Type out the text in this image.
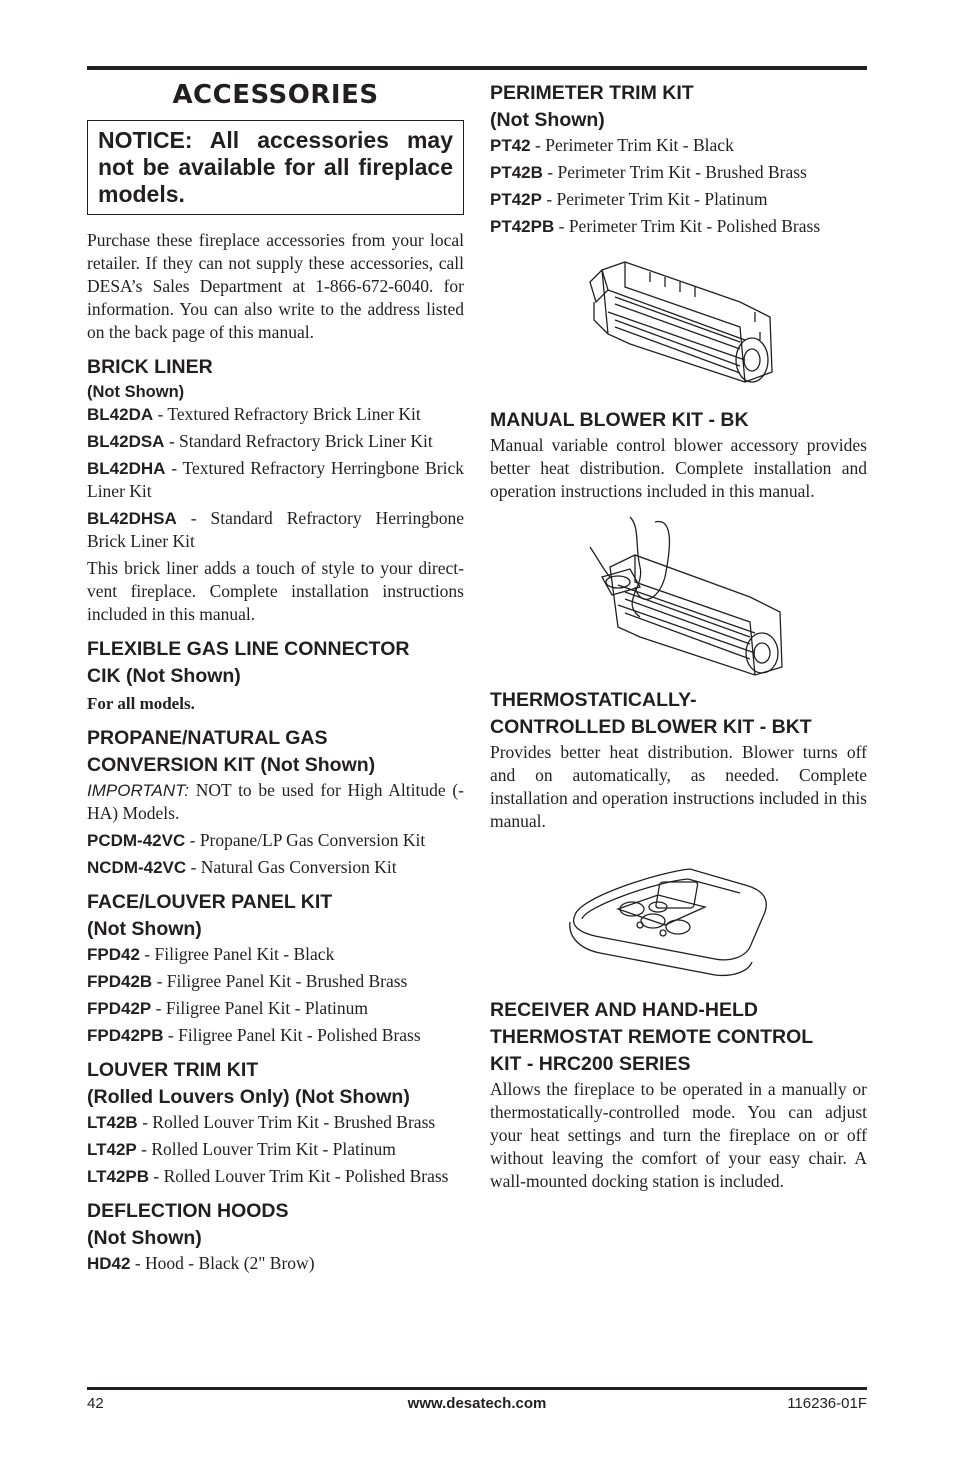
ACCESSORIES
NOTICE: All accessories may not be available for all fireplace models.

Purchase these fireplace accessories from your local retailer. If they can not supply these accessories, call DESA’s Sales Department at 1-866-672-6040. for information. You can also write to the address listed on the back page of this manual.

BRICK LINER
(Not Shown)

BL42DA - Textured Refractory Brick Liner Kit

BL42DSA - Standard Refractory Brick Liner Kit

BL42DHA - Textured Refractory Herringbone Brick Liner Kit

BL42DHSA - Standard Refractory Herringbone Brick Liner Kit

This brick liner adds a touch of style to your direct-vent fireplace. Complete installation instructions included in this manual.

FLEXIBLE GAS LINE CONNECTOR
CIK (Not Shown)

For all models.

PROPANE/NATURAL GAS
CONVERSION KIT (Not Shown)

IMPORTANT: NOT to be used for High Altitude (-HA) Models.

PCDM-42VC - Propane/LP Gas Conversion Kit

NCDM-42VC - Natural Gas Conversion Kit

FACE/LOUVER PANEL KIT
(Not Shown)

FPD42 - Filigree Panel Kit - Black

FPD42B - Filigree Panel Kit - Brushed Brass

FPD42P - Filigree Panel Kit - Platinum

FPD42PB - Filigree Panel Kit - Polished Brass

LOUVER TRIM KIT
(Rolled Louvers Only) (Not Shown)

LT42B - Rolled Louver Trim Kit - Brushed Brass

LT42P - Rolled Louver Trim Kit - Platinum

LT42PB - Rolled Louver Trim Kit - Polished Brass

DEFLECTION HOODS
(Not Shown)

HD42 - Hood - Black (2" Brow)

PERIMETER TRIM KIT
(Not Shown)

PT42 - Perimeter Trim Kit - Black

PT42B - Perimeter Trim Kit - Brushed Brass

PT42P - Perimeter Trim Kit - Platinum

PT42PB - Perimeter Trim Kit - Polished Brass

MANUAL BLOWER KIT - BK

Manual variable control blower accessory provides better heat distribution. Complete installation and operation instructions included in this manual.

THERMOSTATICALLY-
CONTROLLED BLOWER KIT - BKT

Provides better heat distribution. Blower turns off and on automatically, as needed. Complete installation and operation instructions included in this manual.

RECEIVER AND HAND-HELD
THERMOSTAT REMOTE CONTROL
KIT - HRC200 SERIES

Allows the fireplace to be operated in a manually or thermostatically-controlled mode. You can adjust your heat settings and turn the fireplace on or off without leaving the comfort of your easy chair. A wall-mounted docking station is included.

42	www.desatech.com	116236-01F
